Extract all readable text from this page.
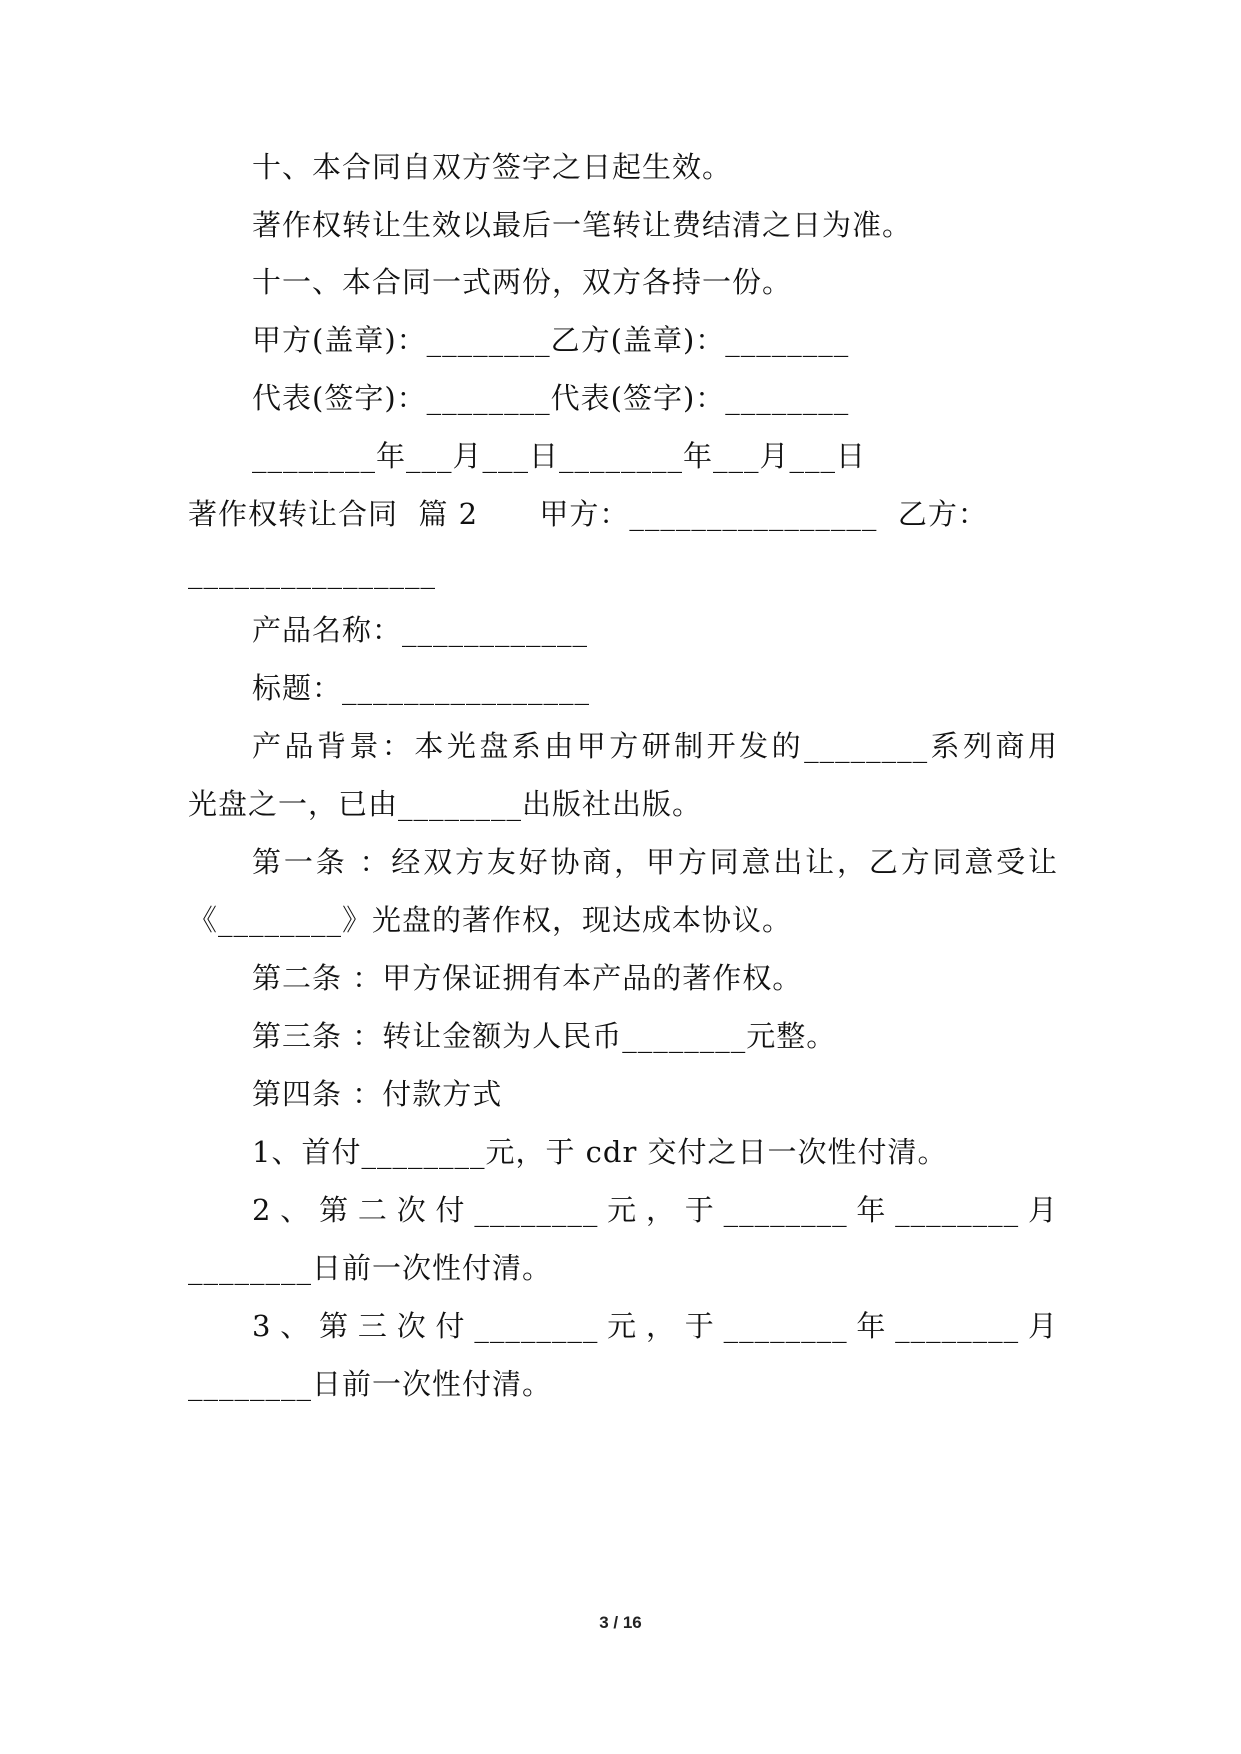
十、本合同自双方签字之日起生效。
著作权转让生效以最后一笔转让费结清之日为准。
十一、本合同一式两份，双方各持一份。
甲方(盖章)：________乙方(盖章)：________
代表(签字)：________代表(签字)：________
________年___月___日________年___月___日
著作权转让合同  篇 2      甲方：________________  乙方：
________________
产品名称：____________
标题：________________
产品背景：本光盘系由甲方研制开发的________系列商用
光盘之一，已由________出版社出版。
第一条 ：经双方友好协商，甲方同意出让，乙方同意受让
《________》光盘的著作权，现达成本协议。
第二条 ：甲方保证拥有本产品的著作权。
第三条 ：转让金额为人民币________元整。
第四条 ：付款方式
1、首付________元，于 cdr 交付之日一次性付清。
2、第二次付________元，于________年________月
________日前一次性付清。
3、第三次付________元，于________年________月
________日前一次性付清。
3 / 16
